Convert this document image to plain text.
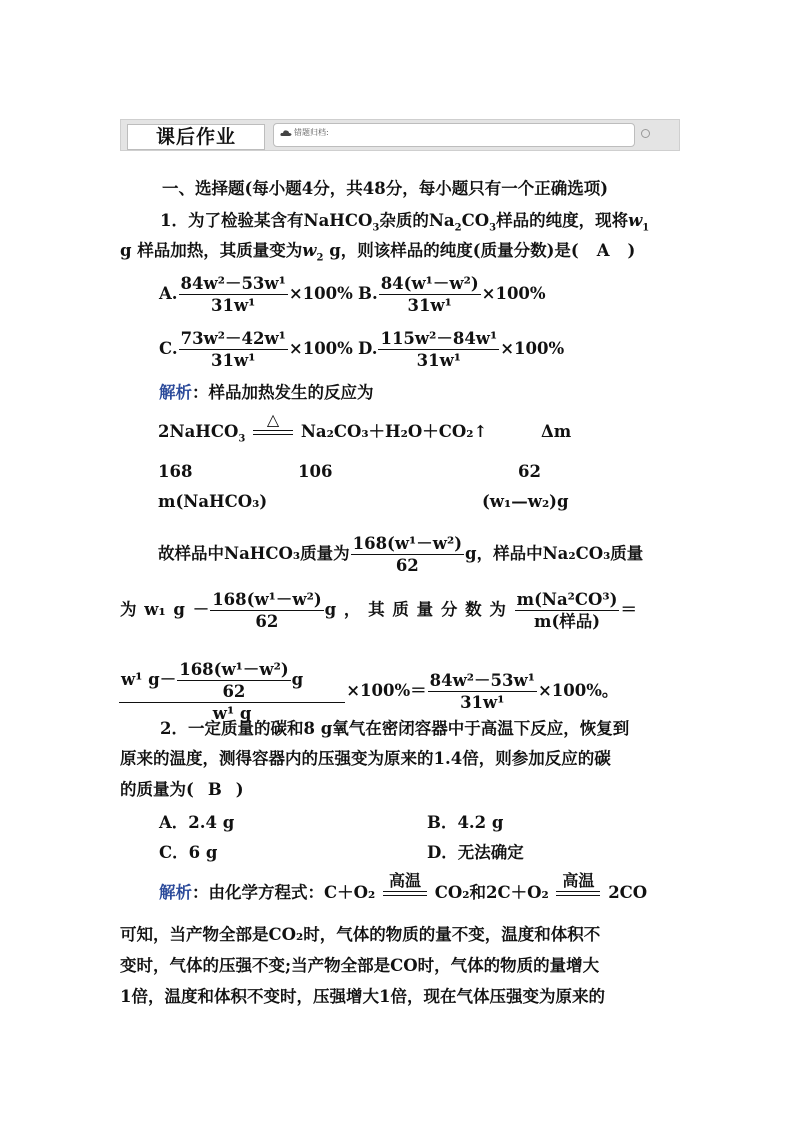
课后作业	错题归档:
一、选择题(每小题4分，共48分，每小题只有一个正确选项)
1．为了检验某含有NaHCO$_3$杂质的$Na_2CO_3$样品的纯度，现将$w_1$
g 样品加热，其质量变为$w_2$ g，则该样品的纯度(质量分数)是( A )
A. $\frac{\text{84w²－53w¹}}{\text{31w¹}} \times 100\%$ B. $\frac{\text{84(w¹－w²)}}{\text{31w¹}} \times 100\%$
C. $\frac{\text{73w²－42w¹}}{\text{31w¹}} \times 100\%$ D. $\frac{\text{115w²－84w¹}}{\text{31w¹}} \times 100\%$
解析：样品加热发生的反应为
2NaHCO$_3$
△
Na₂CO₃＋H₂O＋CO₂↑	Δm
168	106	62
m(NaHCO₃)	(w₁—w₂)g
故样品中NaHCO₃质量为 $\frac{\text{168(w¹－w²)}}{62}$ g，样品中Na₂CO₃质量
为 w₁ $g - \frac{\text{168(w¹－w²)}}{62}$ g ， 其 质 量 分 数 为 $\frac{\text{m(Na²CO³)}}{\text{m(样品)}}$ ＝
$\frac{w^1 g- \frac{\text{168(w¹－w²)}}{62} g}{\text{w¹ g}} \times 100\%= \frac{\text{84w²－53w¹}}{\text{31w¹}} \times 100\%$。
2．一定质量的碳和8 g氧气在密闭容器中于高温下反应，恢复到
原来的温度，测得容器内的压强变为原来的1.4倍，则参加反应的碳
的质量为( B )
A．2.4 g	B．4.2 g
C．6 g	D．无法确定
解析：由化学方程式：C＋O₂
高温
CO₂和2C＋O₂
高温
2CO
可知，当产物全部是CO₂时，气体的物质的量不变，温度和体积不
变时，气体的压强不变;当产物全部是CO时，气体的物质的量增大
1倍，温度和体积不变时，压强增大1倍，现在气体压强变为原来的
